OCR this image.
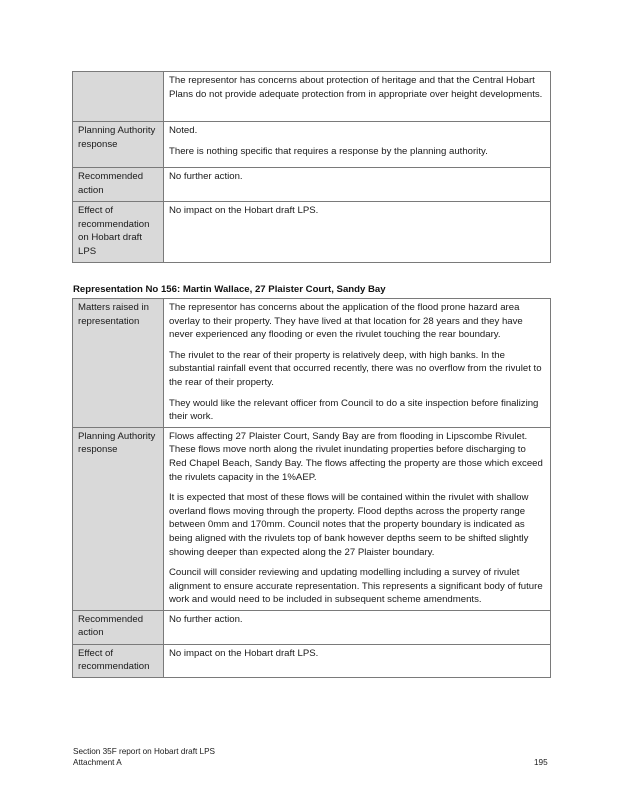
	The representor has concerns about protection of heritage and that the Central Hobart Plans do not provide adequate protection from in appropriate over height developments.

Planning Authority response	Noted.

There is nothing specific that requires a response by the planning authority.

Recommended action	No further action.

Effect of recommendation on Hobart draft LPS	No impact on the Hobart draft LPS.

Representation No 156: Martin Wallace, 27 Plaister Court, Sandy Bay
Matters raised in representation	The representor has concerns about the application of the flood prone hazard area overlay to their property. They have lived at that location for 28 years and they have never experienced any flooding or even the rivulet touching the rear boundary.

The rivulet to the rear of their property is relatively deep, with high banks. In the substantial rainfall event that occurred recently, there was no overflow from the rivulet to the rear of their property.

They would like the relevant officer from Council to do a site inspection before finalizing their work.

Planning Authority response	Flows affecting 27 Plaister Court, Sandy Bay are from flooding in Lipscombe Rivulet. These flows move north along the rivulet inundating properties before discharging to Red Chapel Beach, Sandy Bay. The flows affecting the property are those which exceed the rivulets capacity in the 1%AEP.

It is expected that most of these flows will be contained within the rivulet with shallow overland flows moving through the property. Flood depths across the property range between 0mm and 170mm. Council notes that the property boundary is indicated as being aligned with the rivulets top of bank however depths seem to be shifted slightly showing deeper than expected along the 27 Plaister boundary.

Council will consider reviewing and updating modelling including a survey of rivulet alignment to ensure accurate representation. This represents a significant body of future work and would need to be included in subsequent scheme amendments.

Recommended action	No further action.

Effect of recommendation	No impact on the Hobart draft LPS.

Section 35F report on Hobart draft LPS
Attachment A	195
